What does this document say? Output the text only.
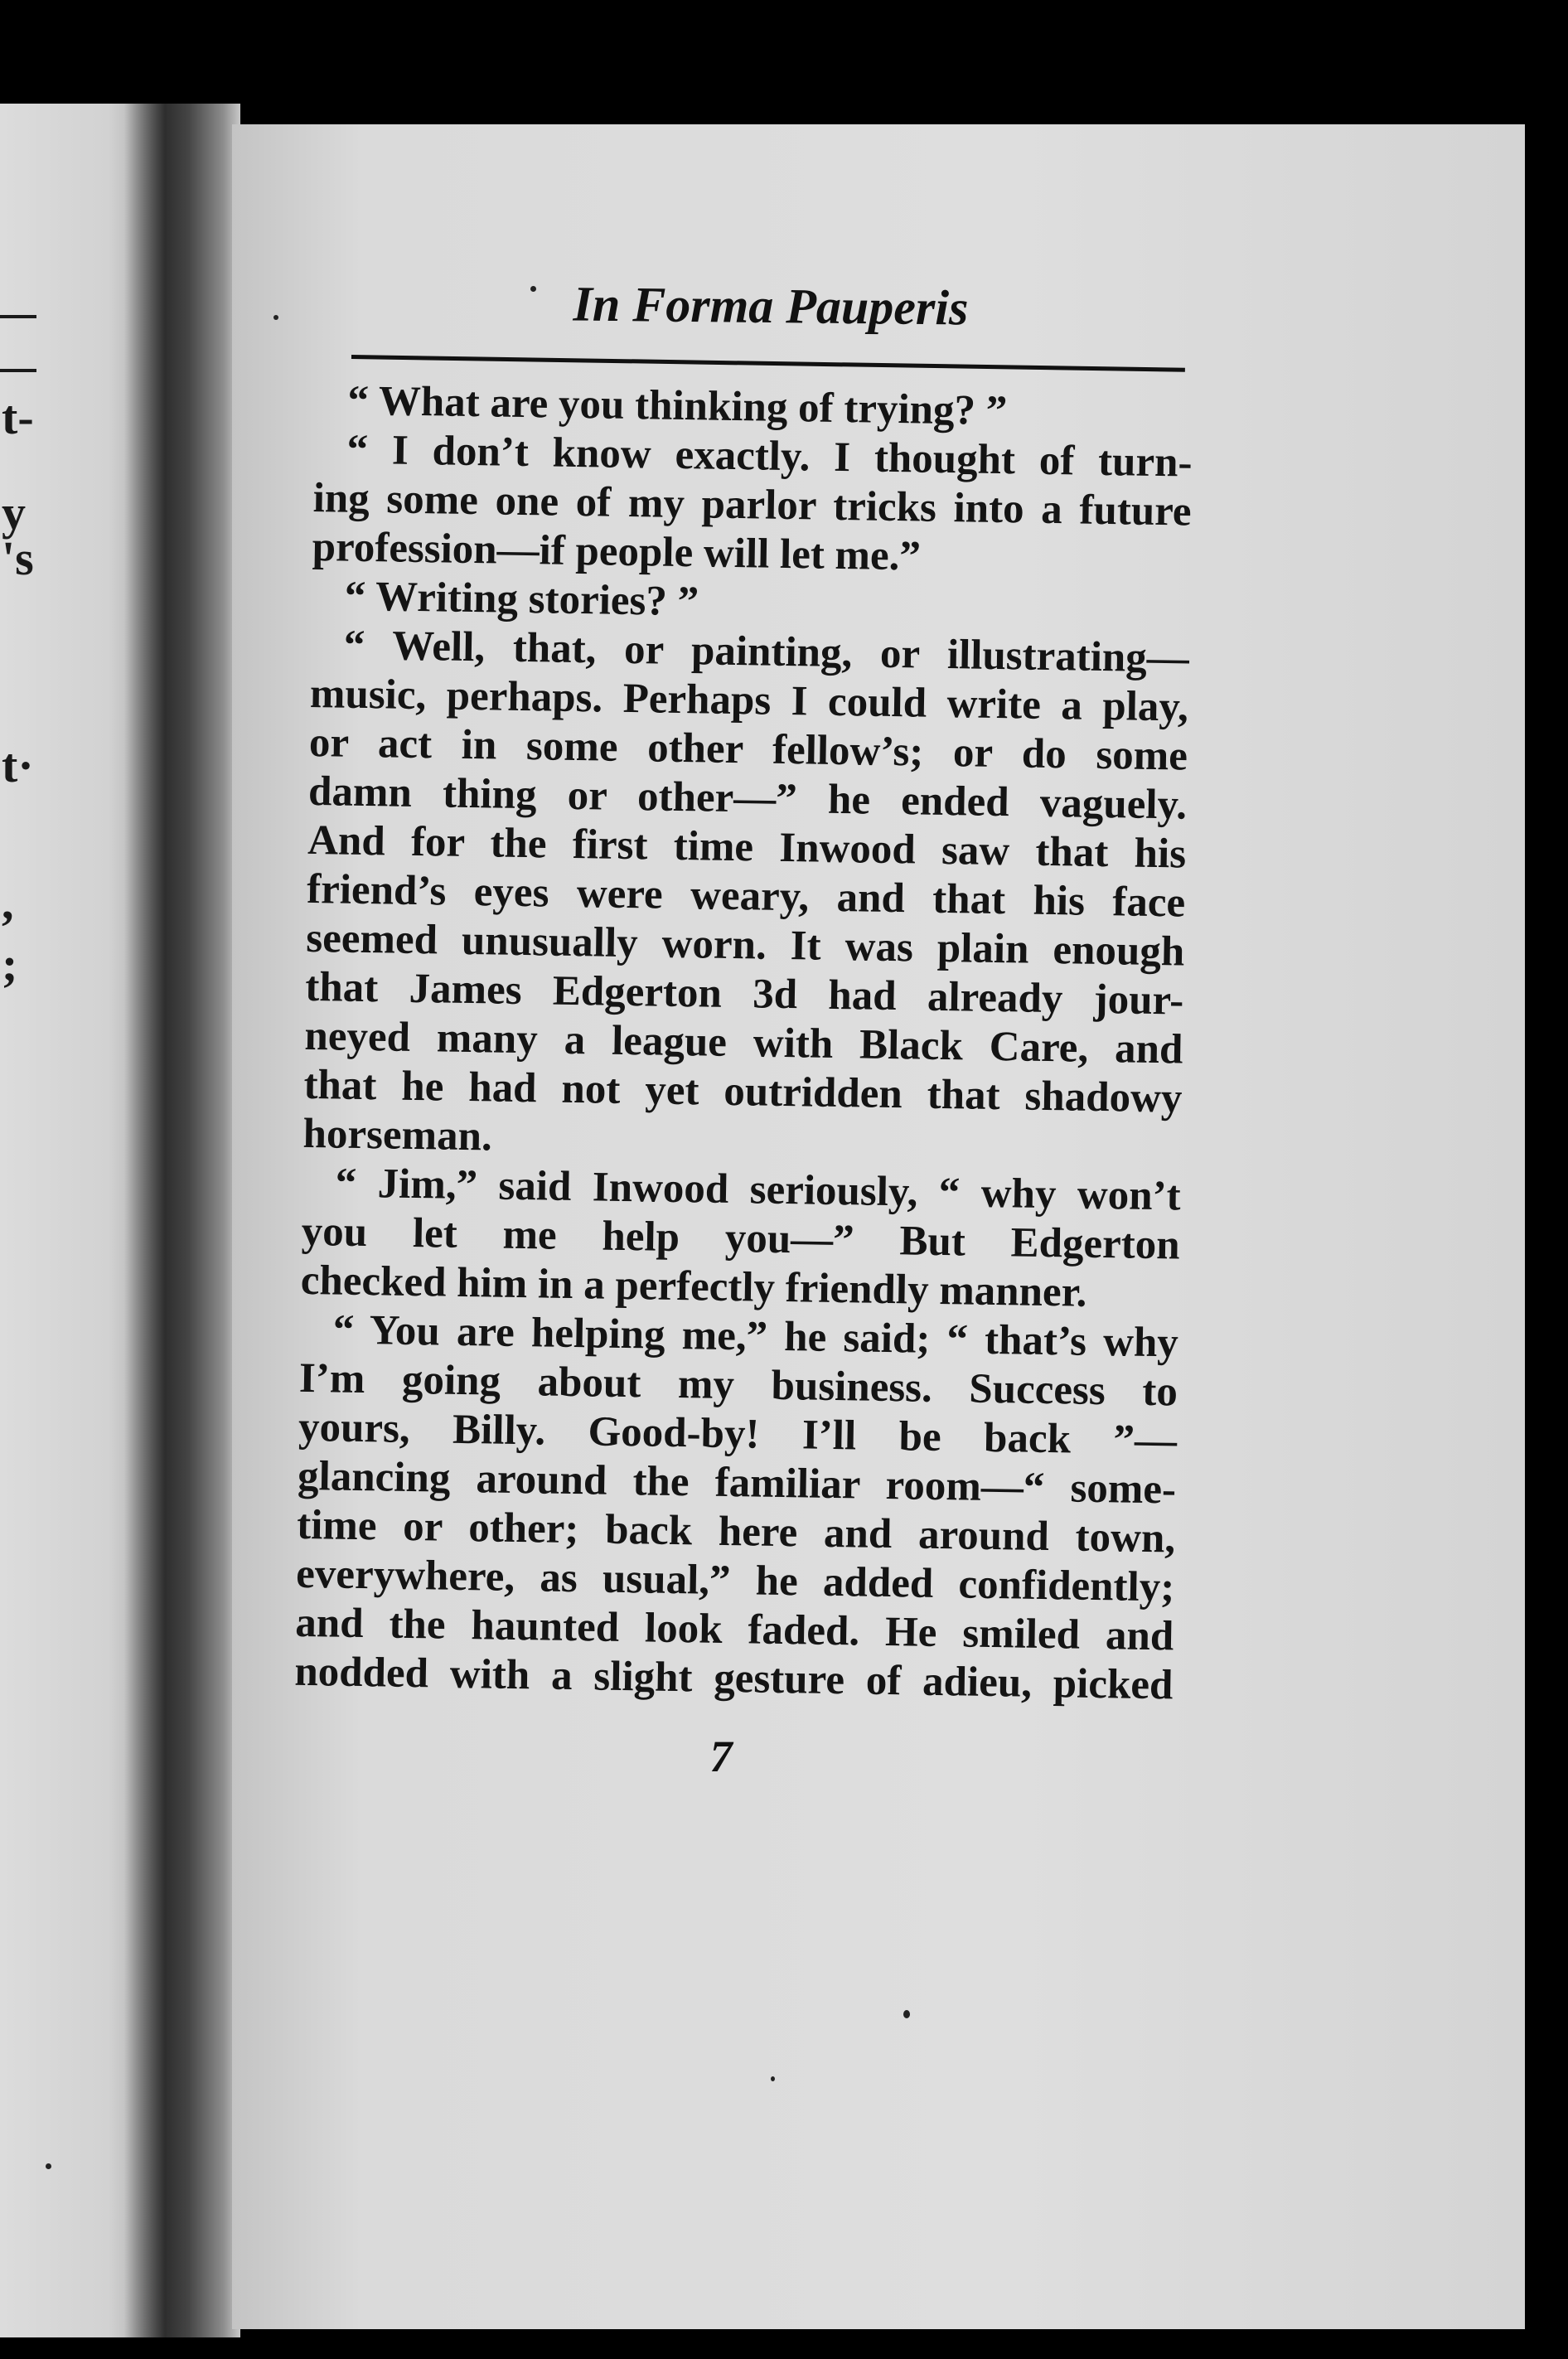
t-
y
's
t·
,
;
In Forma Pauperis
“ What are you thinking of trying? ”
“ I don’t know exactly. I thought of turn-
ing some one of my parlor tricks into a future
profession—if people will let me.”
“ Writing stories? ”
“ Well, that, or painting, or illustrating—
music, perhaps. Perhaps I could write a play,
or act in some other fellow’s; or do some
damn thing or other—” he ended vaguely.
And for the first time Inwood saw that his
friend’s eyes were weary, and that his face
seemed unusually worn. It was plain enough
that James Edgerton 3d had already jour-
neyed many a league with Black Care, and
that he had not yet outridden that shadowy
horseman.
“ Jim,” said Inwood seriously, “ why won’t
you let me help you—” But Edgerton
checked him in a perfectly friendly manner.
“ You are helping me,” he said; “ that’s why
I’m going about my business. Success to
yours, Billy. Good-by! I’ll be back ”—
glancing around the familiar room—“ some-
time or other; back here and around town,
everywhere, as usual,” he added confidently;
and the haunted look faded. He smiled and
nodded with a slight gesture of adieu, picked
7
